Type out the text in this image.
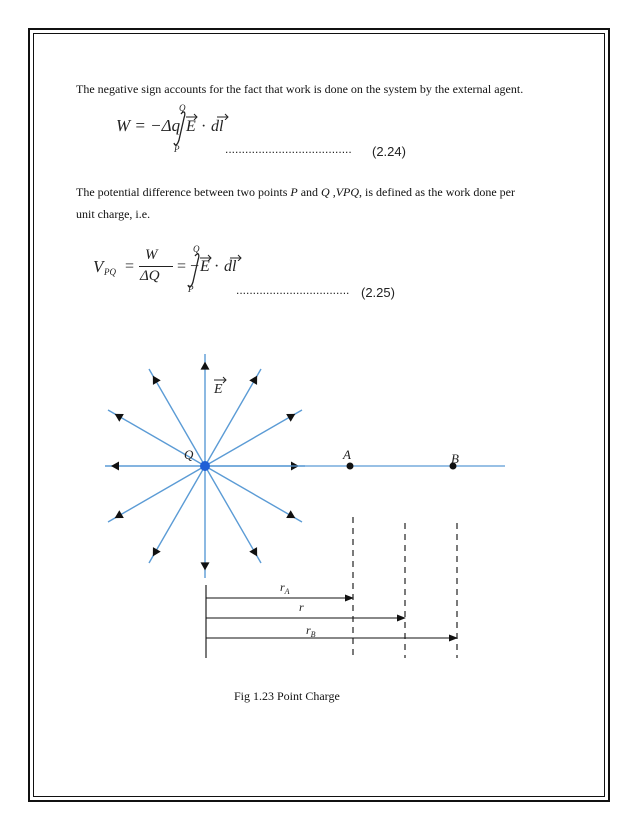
The negative sign accounts for the fact that work is done on the system by the external agent.
W = −Δq
Q
P
E · dl
...................................... (2.24)
The potential difference between two points P and Q ,VPQ, is defined as the work done per
unit charge, i.e.
V PQ =
W
ΔQ
= −
Q
P
E · dl
.................................. (2.25)
E
Q	A	B
$r_A$
r
$r_B$
Fig 1.23 Point Charge
